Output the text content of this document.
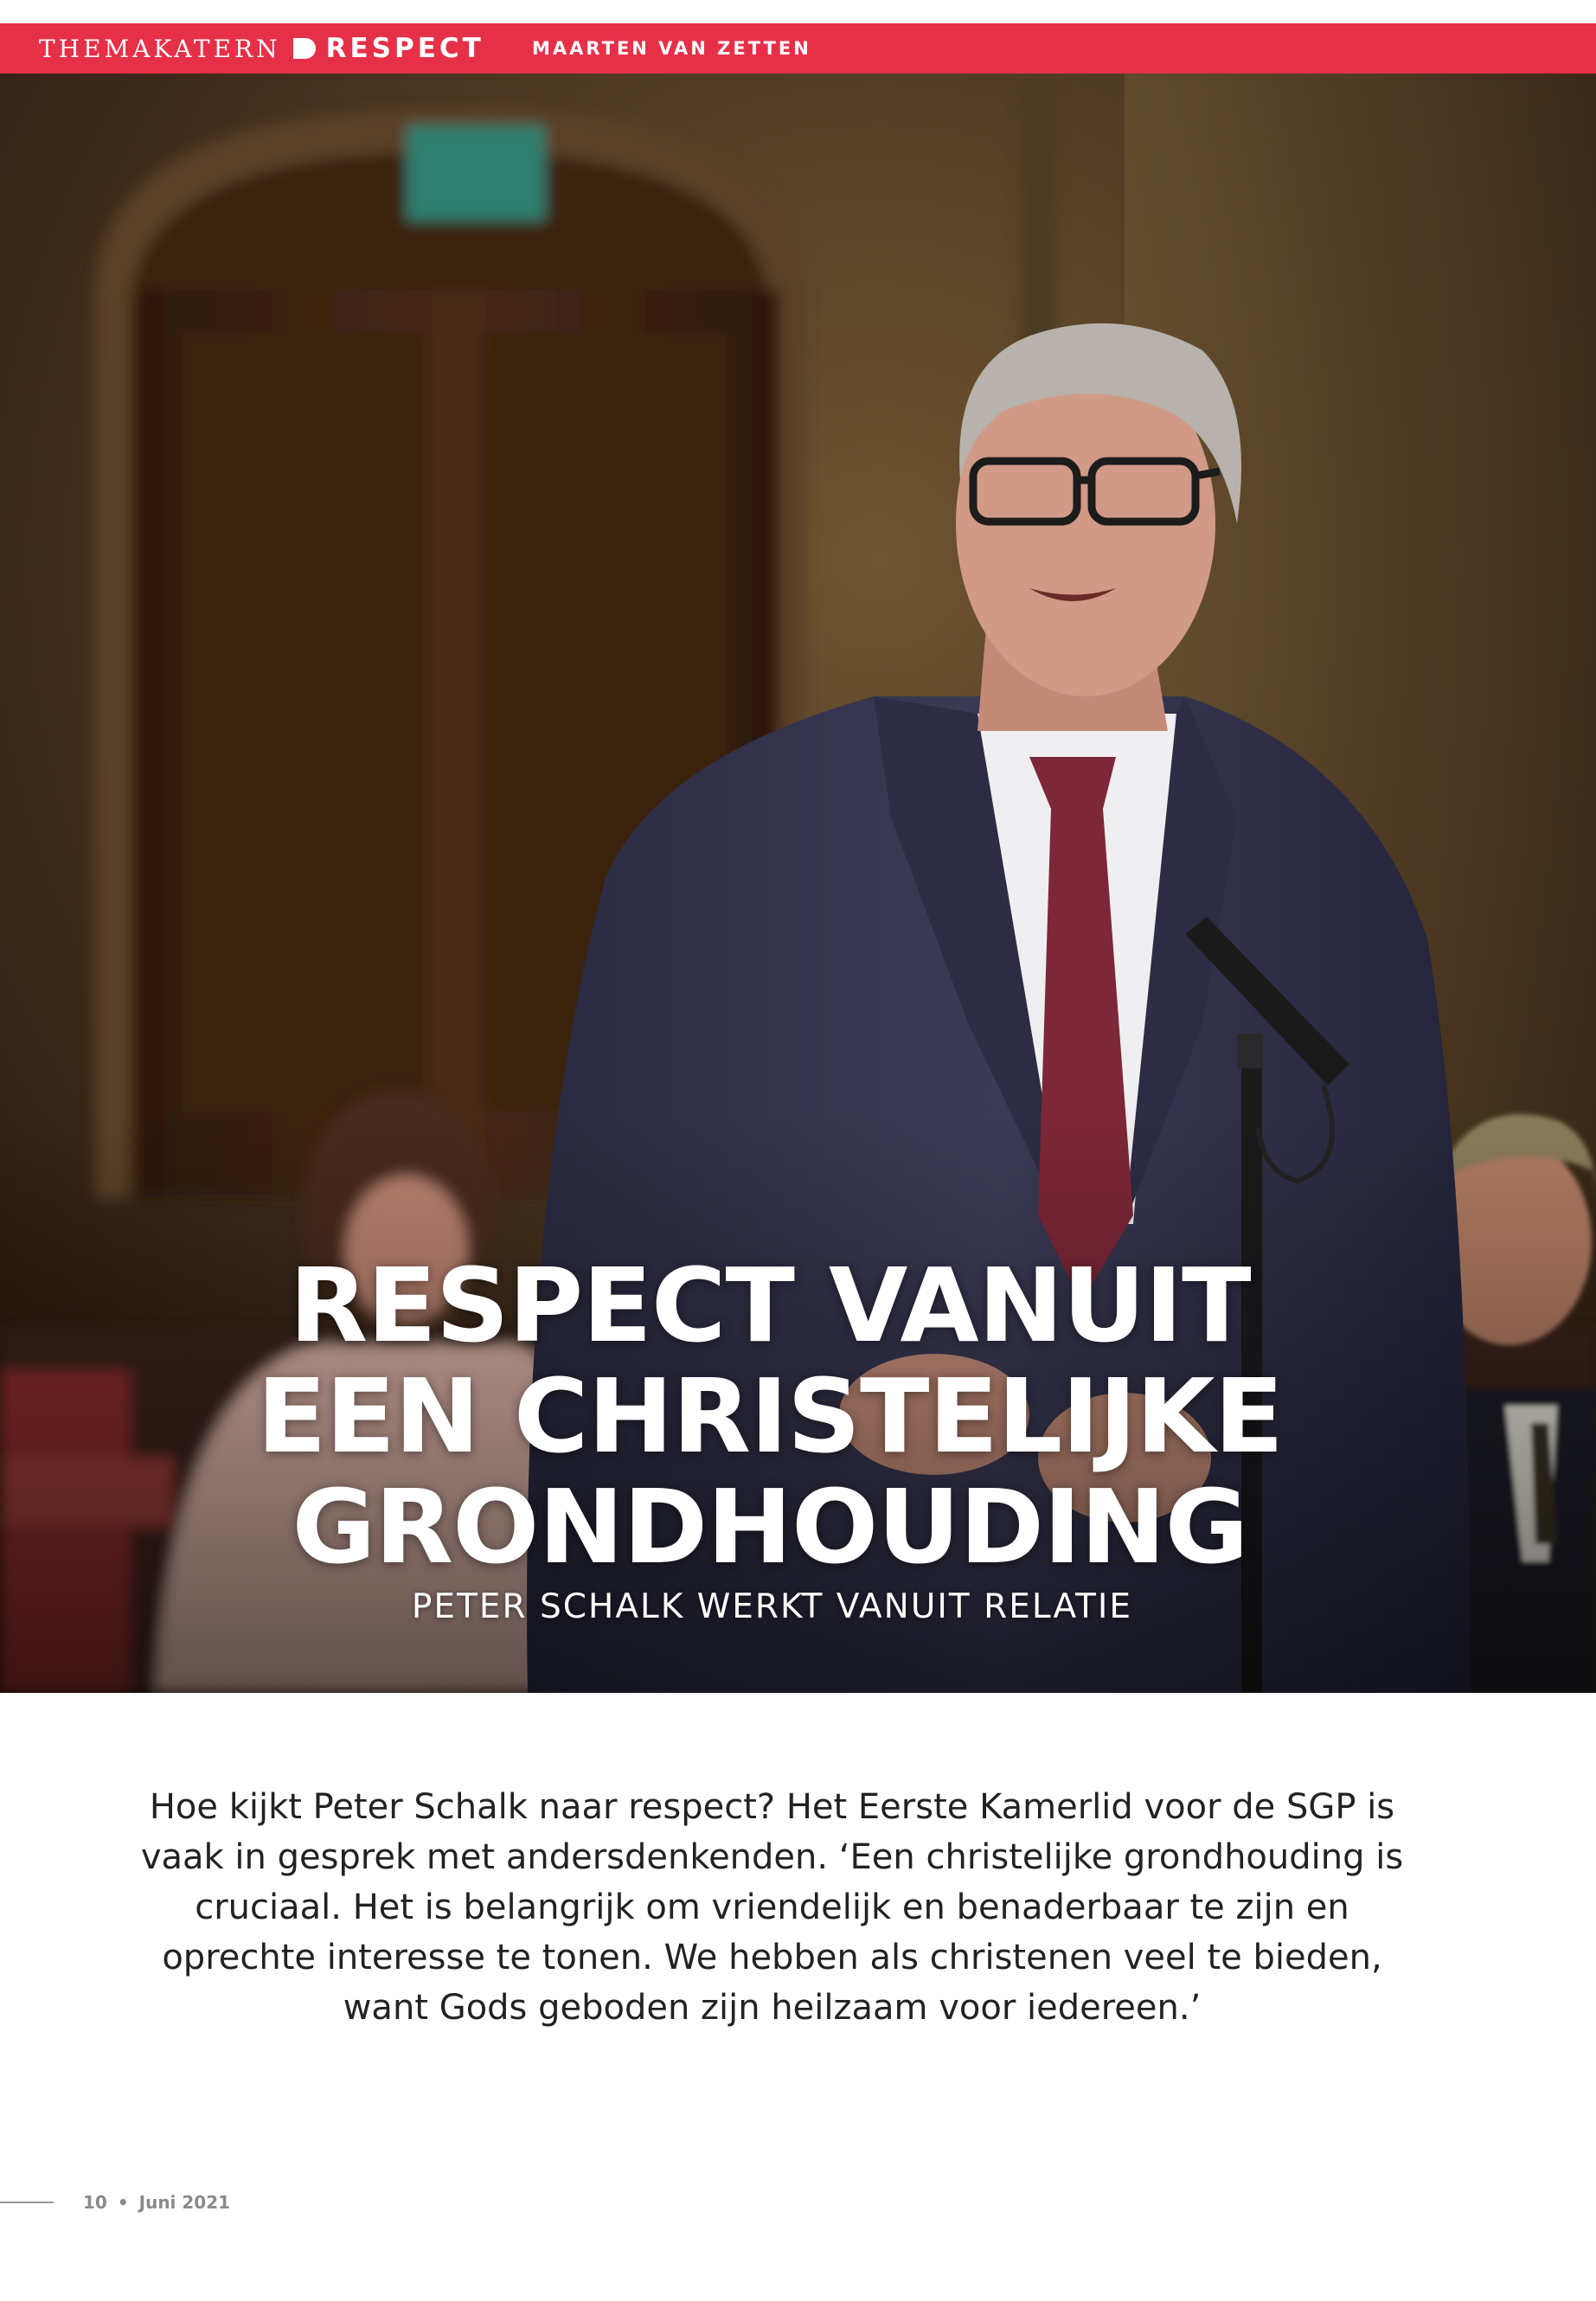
THEMAKATERN RESPECT	MAARTEN VAN ZETTEN
RESPECT VANUIT
EEN CHRISTELIJKE
GRONDHOUDING
PETER SCHALK WERKT VANUIT RELATIE
Hoe kijkt Peter Schalk naar respect? Het Eerste Kamerlid voor de SGP is vaak in gesprek met andersdenkenden. ‘Een christelijke grondhouding is cruciaal. Het is belangrijk om vriendelijk en benaderbaar te zijn en oprechte interesse te tonen. We hebben als christenen veel te bieden, want Gods geboden zijn heilzaam voor iedereen.’
10 • Juni 2021
